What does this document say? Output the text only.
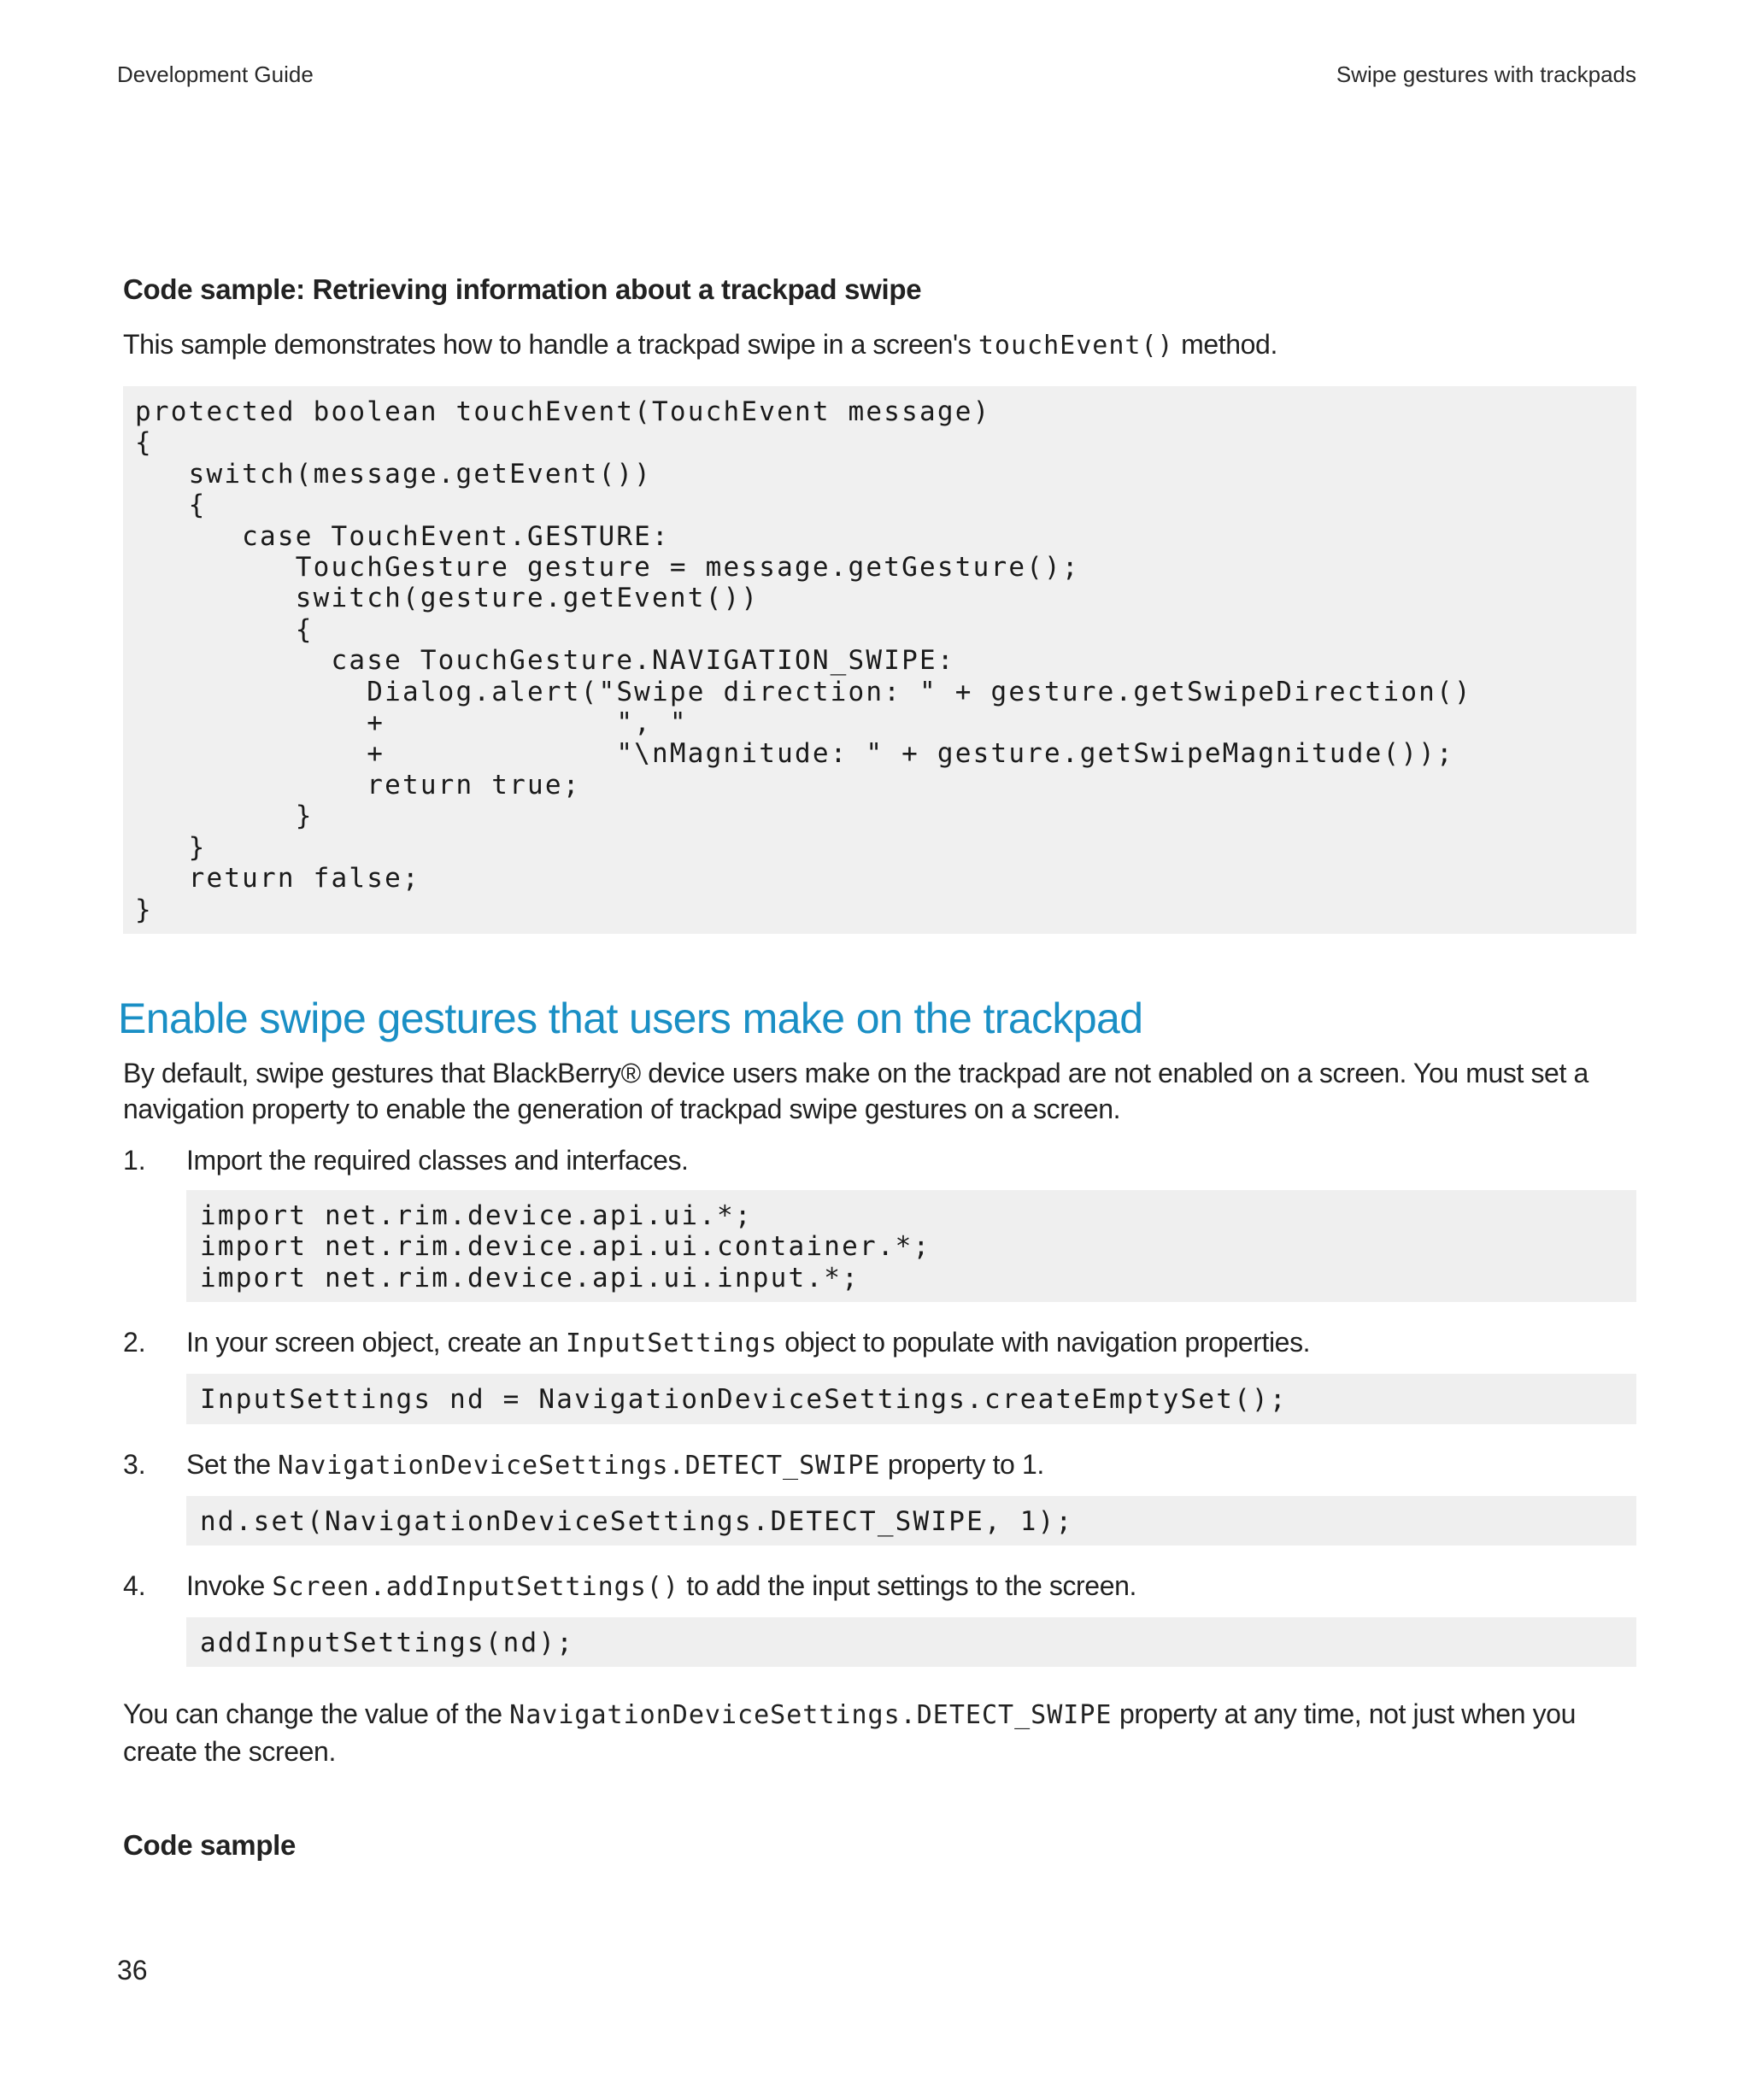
Development Guide	Swipe gestures with trackpads
Code sample: Retrieving information about a trackpad swipe

This sample demonstrates how to handle a trackpad swipe in a screen's touchEvent() method.

protected boolean touchEvent(TouchEvent message)
{
switch(message.getEvent())
{
case TouchEvent.GESTURE:
TouchGesture gesture = message.getGesture();
switch(gesture.getEvent())
{
case TouchGesture.NAVIGATION_SWIPE:
Dialog.alert("Swipe direction: " + gesture.getSwipeDirection()
+             ", "
+             "\nMagnitude: " + gesture.getSwipeMagnitude());
return true;
}
}
return false;
}
Enable swipe gestures that users make on the trackpad

By default, swipe gestures that BlackBerry® device users make on the trackpad are not enabled on a screen. You must set a navigation property to enable the generation of trackpad swipe gestures on a screen.

1. Import the required classes and interfaces.
import net.rim.device.api.ui.*;
import net.rim.device.api.ui.container.*;
import net.rim.device.api.ui.input.*;
2. In your screen object, create an InputSettings object to populate with navigation properties.
InputSettings nd = NavigationDeviceSettings.createEmptySet();
3. Set the NavigationDeviceSettings.DETECT_SWIPE property to 1.
nd.set(NavigationDeviceSettings.DETECT_SWIPE, 1);
4. Invoke Screen.addInputSettings() to add the input settings to the screen.
addInputSettings(nd);

You can change the value of the NavigationDeviceSettings.DETECT_SWIPE property at any time, not just when you create the screen.

Code sample
36
